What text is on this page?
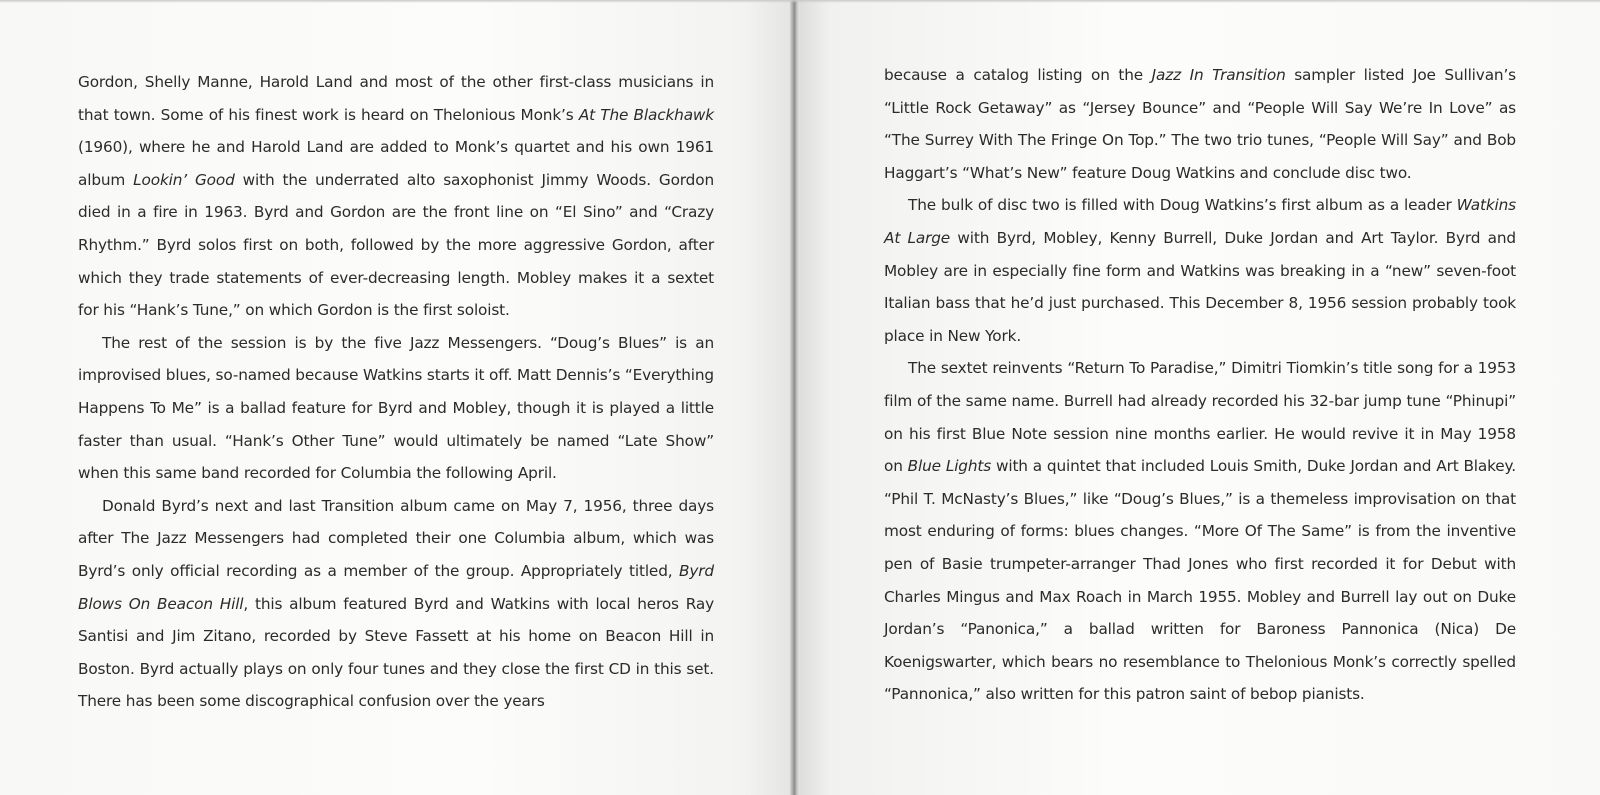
Gordon, Shelly Manne, Harold Land and most of the other first-class musicians in that town. Some of his finest work is heard on Thelonious Monk’s At The Blackhawk (1960), where he and Harold Land are added to Monk’s quartet and his own 1961 album Lookin’ Good with the underrated alto saxophonist Jimmy Woods. Gordon died in a fire in 1963. Byrd and Gordon are the front line on “El Sino” and “Crazy Rhythm.” Byrd solos first on both, followed by the more aggressive Gordon, after which they trade statements of ever-decreasing length. Mobley makes it a sextet for his “Hank’s Tune,” on which Gordon is the first soloist.

The rest of the session is by the five Jazz Messengers. “Doug’s Blues” is an improvised blues, so-named because Watkins starts it off. Matt Dennis’s “Everything Happens To Me” is a ballad feature for Byrd and Mobley, though it is played a little faster than usual. “Hank’s Other Tune” would ultimately be named “Late Show” when this same band recorded for Columbia the following April.

Donald Byrd’s next and last Transition album came on May 7, 1956, three days after The Jazz Messengers had completed their one Columbia album, which was Byrd’s only official recording as a member of the group. Appropriately titled, Byrd Blows On Beacon Hill, this album featured Byrd and Watkins with local heros Ray Santisi and Jim Zitano, recorded by Steve Fassett at his home on Beacon Hill in Boston. Byrd actually plays on only four tunes and they close the first CD in this set. There has been some discographical confusion over the years

because a catalog listing on the Jazz In Transition sampler listed Joe Sullivan’s “Little Rock Getaway” as “Jersey Bounce” and “People Will Say We’re In Love” as “The Surrey With The Fringe On Top.” The two trio tunes, “People Will Say” and Bob Haggart’s “What’s New” feature Doug Watkins and conclude disc two.

The bulk of disc two is filled with Doug Watkins’s first album as a leader Watkins At Large with Byrd, Mobley, Kenny Burrell, Duke Jordan and Art Taylor. Byrd and Mobley are in especially fine form and Watkins was breaking in a “new” seven-foot Italian bass that he’d just purchased. This December 8, 1956 session probably took place in New York.

The sextet reinvents “Return To Paradise,” Dimitri Tiomkin’s title song for a 1953 film of the same name. Burrell had already recorded his 32-bar jump tune “Phinupi” on his first Blue Note session nine months earlier. He would revive it in May 1958 on Blue Lights with a quintet that included Louis Smith, Duke Jordan and Art Blakey. “Phil T. McNasty’s Blues,” like “Doug’s Blues,” is a themeless improvisation on that most enduring of forms: blues changes. “More Of The Same” is from the inventive pen of Basie trumpeter-arranger Thad Jones who first recorded it for Debut with Charles Mingus and Max Roach in March 1955. Mobley and Burrell lay out on Duke Jordan’s “Panonica,” a ballad written for Baroness Pannonica (Nica) De Koenigswarter, which bears no resemblance to Thelonious Monk’s correctly spelled “Pannonica,” also written for this patron saint of bebop pianists.
